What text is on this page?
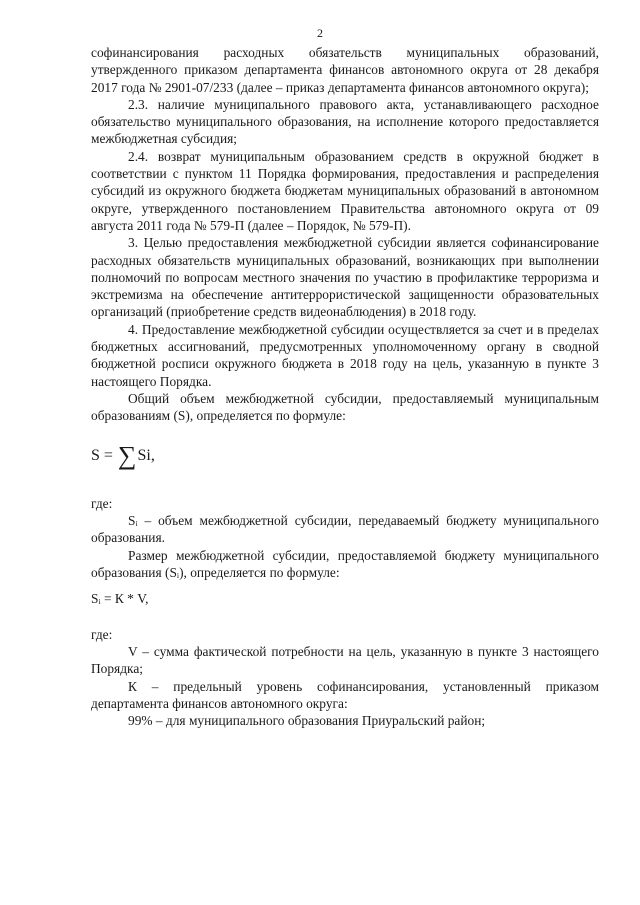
2

софинансирования расходных обязательств муниципальных образований, утвержденного приказом департамента финансов автономного округа от 28 декабря 2017 года № 2901-07/233 (далее – приказ департамента финансов автономного округа);

2.3. наличие муниципального правового акта, устанавливающего расходное обязательство муниципального образования, на исполнение которого предоставляется межбюджетная субсидия;

2.4. возврат муниципальным образованием средств в окружной бюджет в соответствии с пунктом 11 Порядка формирования, предоставления и распределения субсидий из окружного бюджета бюджетам муниципальных образований в автономном округе, утвержденного постановлением Правительства автономного округа от 09 августа 2011 года № 579-П (далее – Порядок, № 579-П).

3. Целью предоставления межбюджетной субсидии является софинансирование расходных обязательств муниципальных образований, возникающих при выполнении полномочий по вопросам местного значения по участию в профилактике терроризма и экстремизма на обеспечение антитеррористической защищенности образовательных организаций (приобретение средств видеонаблюдения) в 2018 году.

4. Предоставление межбюджетной субсидии осуществляется за счет и в пределах бюджетных ассигнований, предусмотренных уполномоченному органу в сводной бюджетной росписи окружного бюджета в 2018 году на цель, указанную в пункте 3 настоящего Порядка.

Общий объем межбюджетной субсидии, предоставляемый муниципальным образованиям (S), определяется по формуле:

S = ∑Si,

где:

Sᵢ – объем межбюджетной субсидии, передаваемый бюджету муниципального образования.

Размер межбюджетной субсидии, предоставляемой бюджету муниципального образования (Sᵢ), определяется по формуле:

Sᵢ = К * V,

где:

V – сумма фактической потребности на цель, указанную в пункте 3 настоящего Порядка;

К – предельный уровень софинансирования, установленный приказом департамента финансов автономного округа:

99% – для муниципального образования Приуральский район;
